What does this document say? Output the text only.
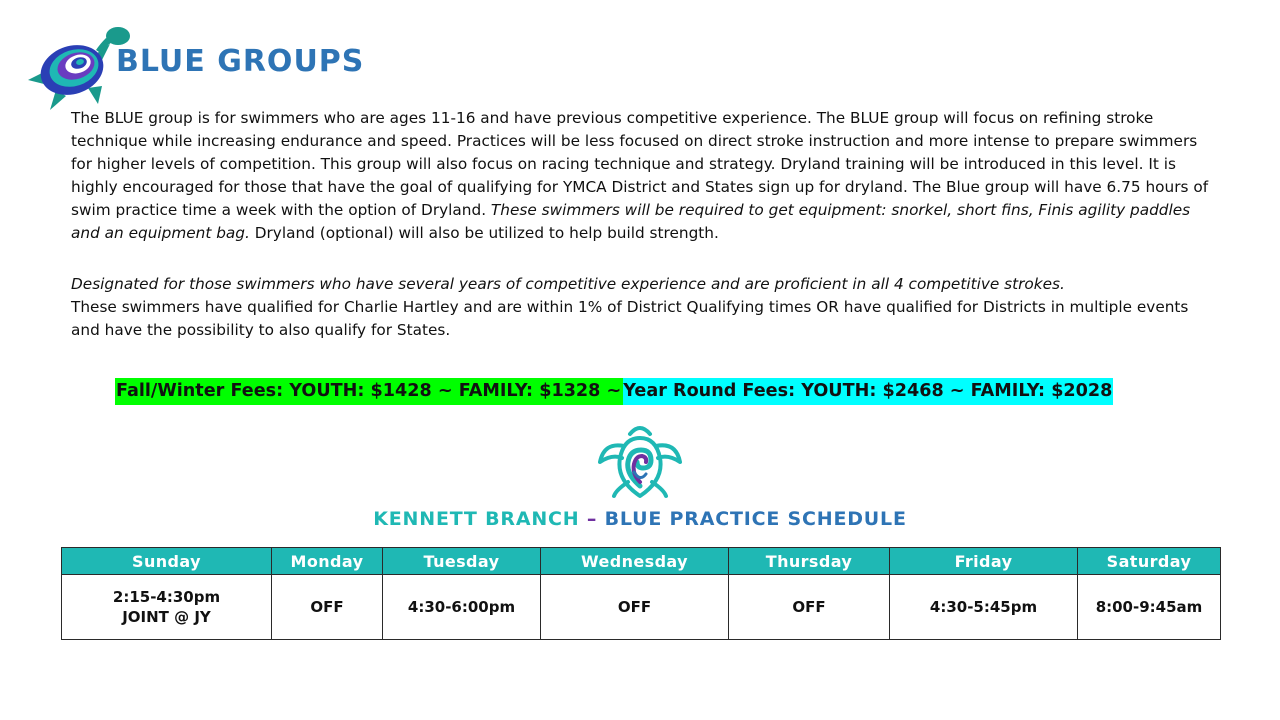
BLUE GROUPS

The BLUE group is for swimmers who are ages 11-16 and have previous competitive experience. The BLUE group will focus on refining stroke technique while increasing endurance and speed. Practices will be less focused on direct stroke instruction and more intense to prepare swimmers for higher levels of competition. This group will also focus on racing technique and strategy. Dryland training will be introduced in this level. It is highly encouraged for those that have the goal of qualifying for YMCA District and States sign up for dryland. The Blue group will have 6.75 hours of swim practice time a week with the option of Dryland. These swimmers will be required to get equipment: snorkel, short fins, Finis agility paddles and an equipment bag. Dryland (optional) will also be utilized to help build strength.

Designated for those swimmers who have several years of competitive experience and are proficient in all 4 competitive strokes.
These swimmers have qualified for Charlie Hartley and are within 1% of District Qualifying times OR have qualified for Districts in multiple events and have the possibility to also qualify for States.

Fall/Winter Fees: YOUTH: $1428 ~ FAMILY: $1328 ~ Year Round Fees: YOUTH: $2468 ~ FAMILY: $2028
KENNETT BRANCH – BLUE PRACTICE SCHEDULE
Sunday	Monday	Tuesday	Wednesday	Thursday	Friday	Saturday

2:15-4:30pm
JOINT @ JY	OFF	4:30-6:00pm	OFF	OFF	4:30-5:45pm	8:00-9:45am
